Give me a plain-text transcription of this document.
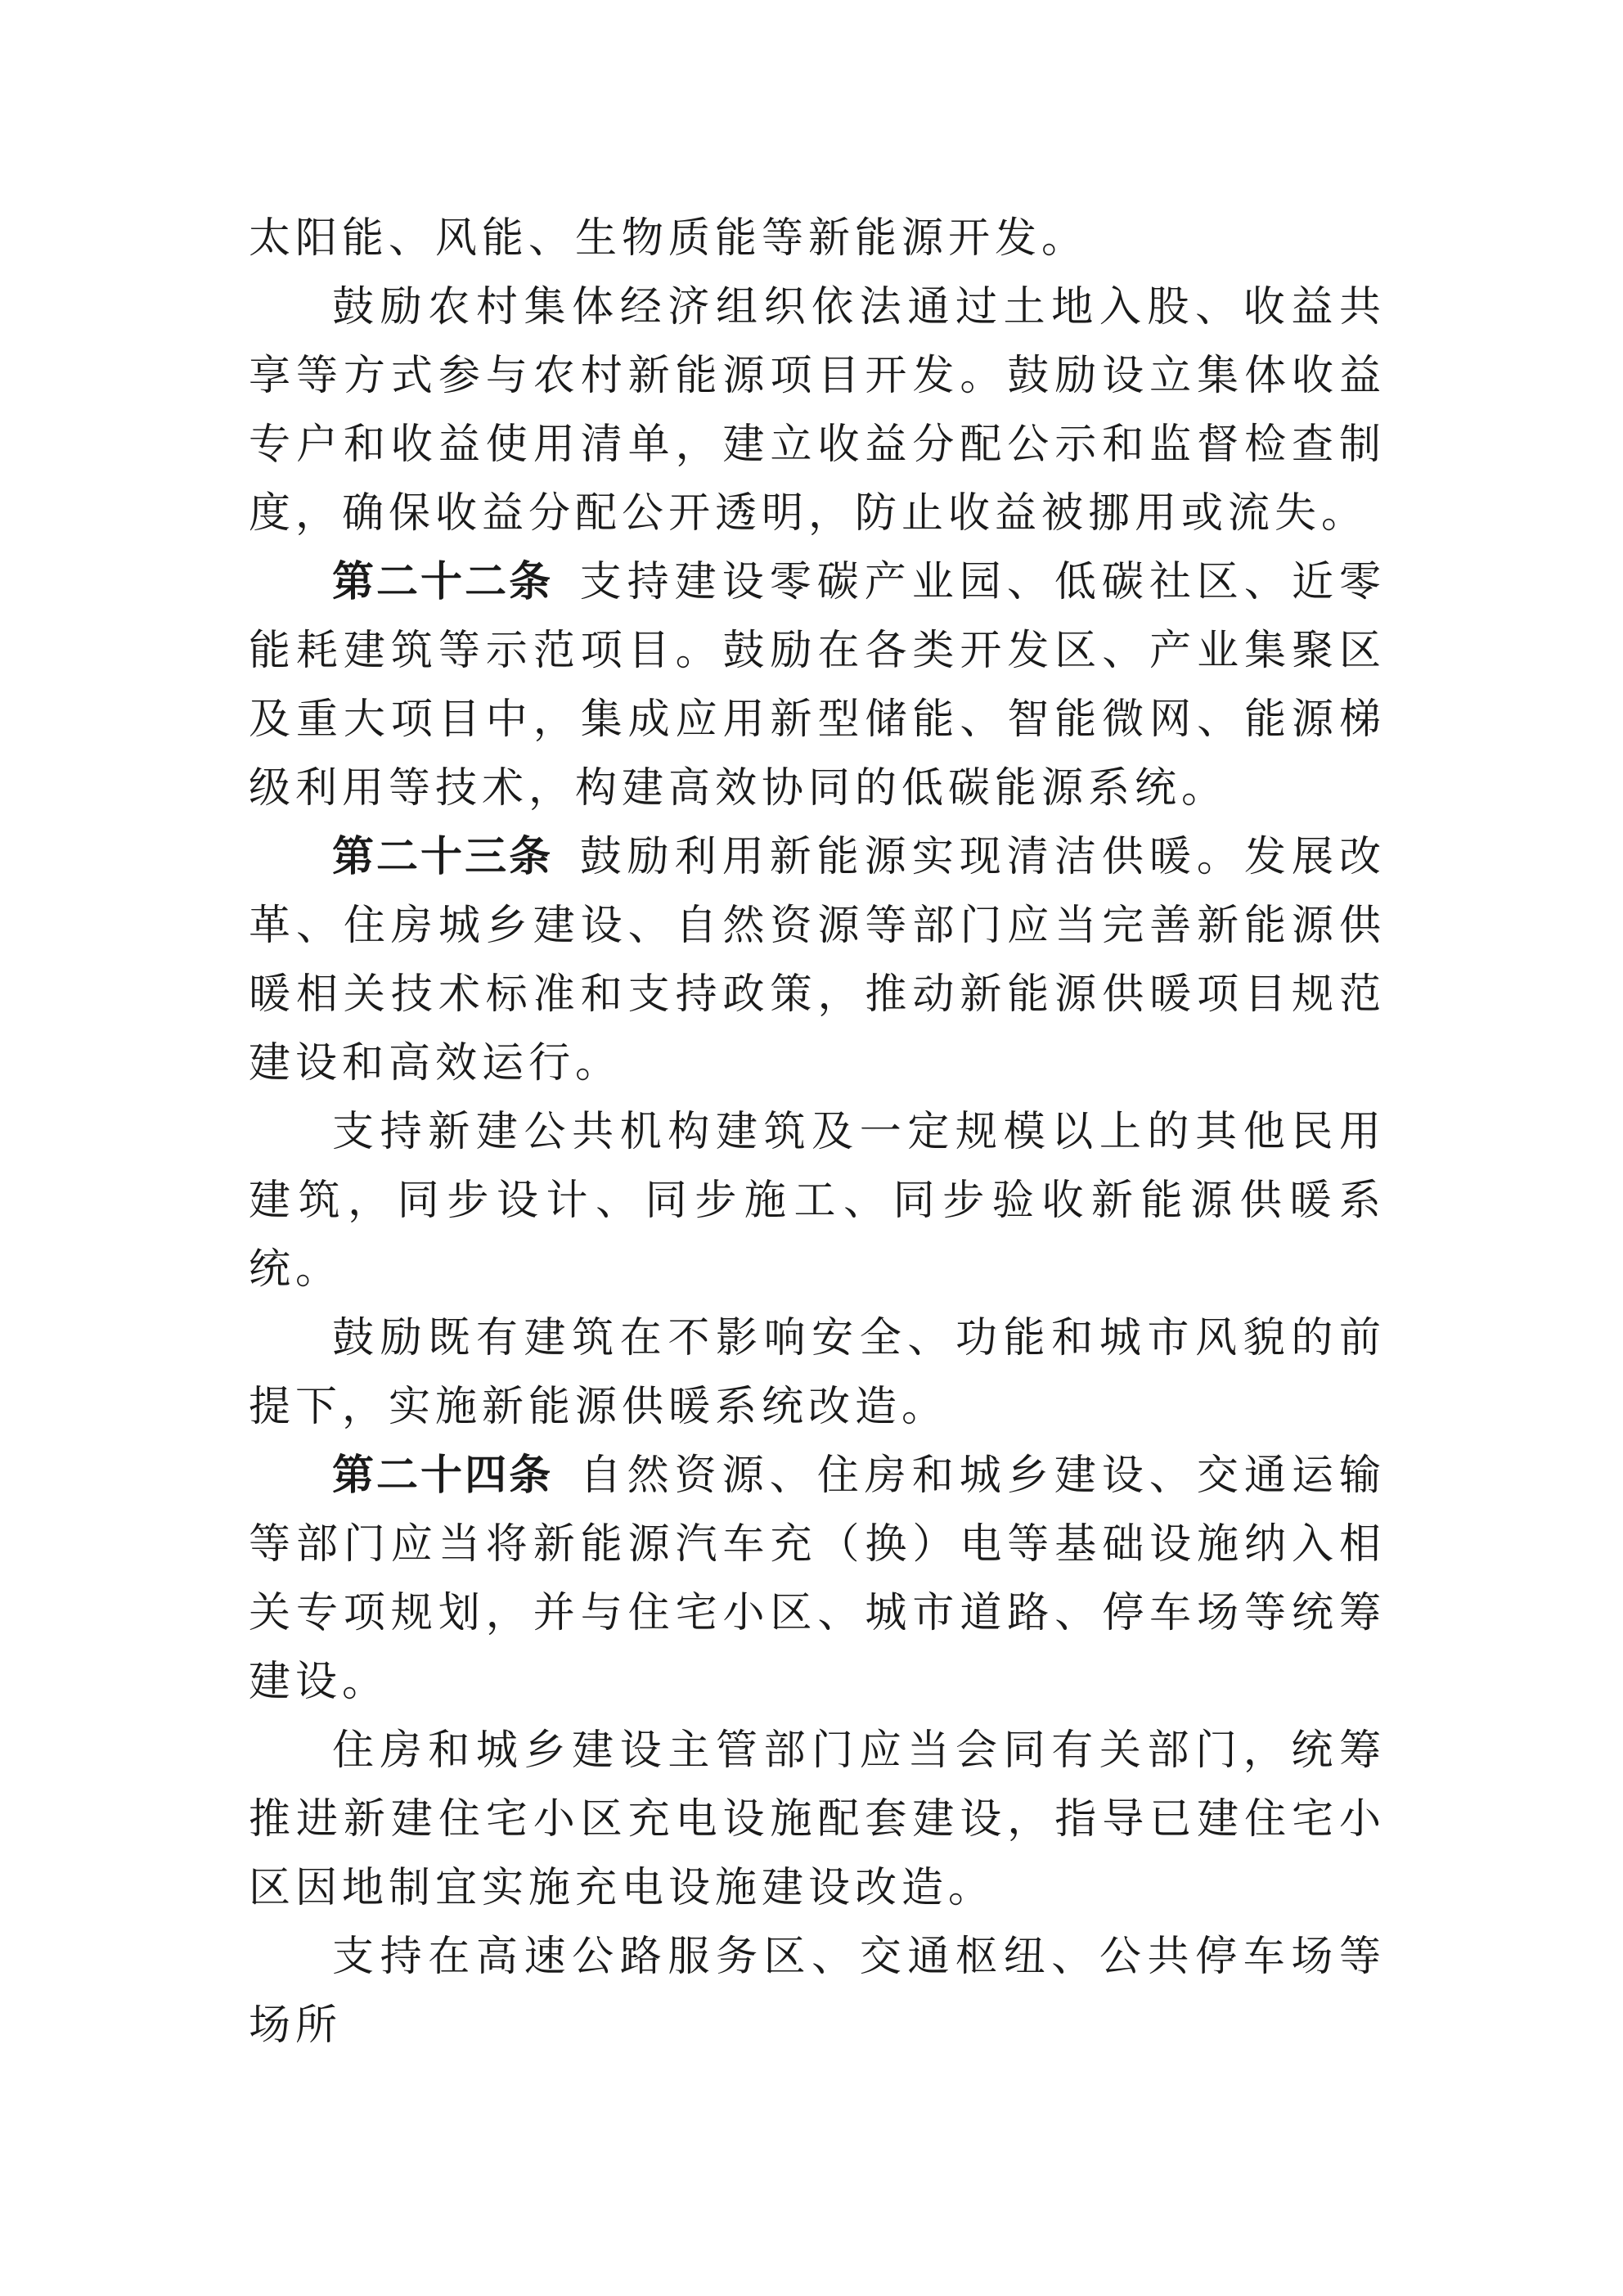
太阳能、风能、生物质能等新能源开发。

鼓励农村集体经济组织依法通过土地入股、收益共享等方式参与农村新能源项目开发。鼓励设立集体收益专户和收益使用清单，建立收益分配公示和监督检查制度，确保收益分配公开透明，防止收益被挪用或流失。

第二十二条  支持建设零碳产业园、低碳社区、近零能耗建筑等示范项目。鼓励在各类开发区、产业集聚区及重大项目中，集成应用新型储能、智能微网、能源梯级利用等技术，构建高效协同的低碳能源系统。

第二十三条  鼓励利用新能源实现清洁供暖。发展改革、住房城乡建设、自然资源等部门应当完善新能源供暖相关技术标准和支持政策，推动新能源供暖项目规范建设和高效运行。

支持新建公共机构建筑及一定规模以上的其他民用建筑，同步设计、同步施工、同步验收新能源供暖系统。

鼓励既有建筑在不影响安全、功能和城市风貌的前提下，实施新能源供暖系统改造。

第二十四条  自然资源、住房和城乡建设、交通运输等部门应当将新能源汽车充（换）电等基础设施纳入相关专项规划，并与住宅小区、城市道路、停车场等统筹建设。

住房和城乡建设主管部门应当会同有关部门，统筹推进新建住宅小区充电设施配套建设，指导已建住宅小区因地制宜实施充电设施建设改造。

支持在高速公路服务区、交通枢纽、公共停车场等场所
